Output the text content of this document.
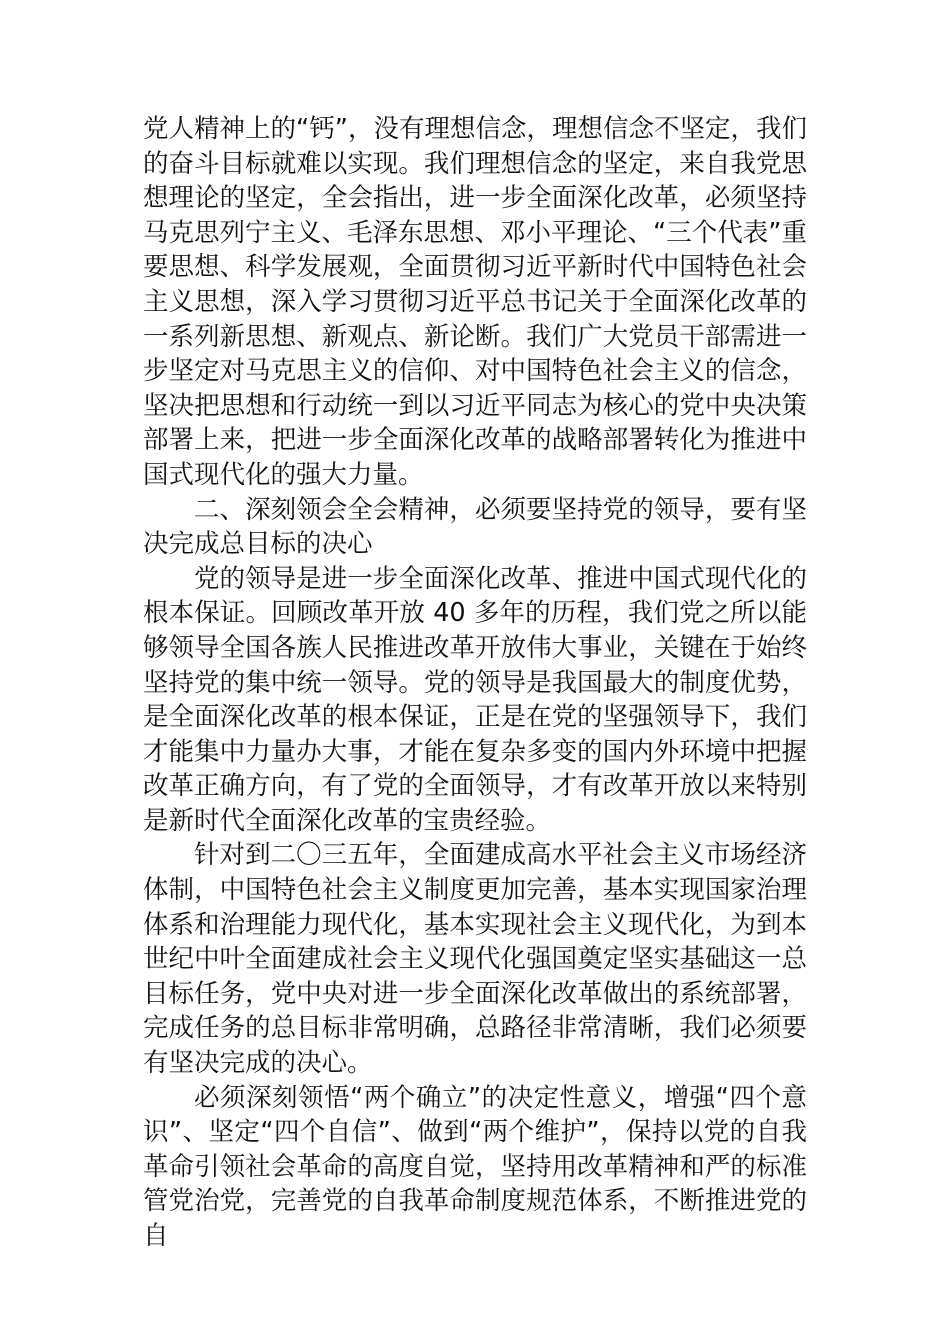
党人精神上的“钙”，没有理想信念，理想信念不坚定，我们的奋斗目标就难以实现。我们理想信念的坚定，来自我党思想理论的坚定，全会指出，进一步全面深化改革，必须坚持马克思列宁主义、毛泽东思想、邓小平理论、“三个代表”重要思想、科学发展观，全面贯彻习近平新时代中国特色社会主义思想，深入学习贯彻习近平总书记关于全面深化改革的一系列新思想、新观点、新论断。我们广大党员干部需进一步坚定对马克思主义的信仰、对中国特色社会主义的信念，坚决把思想和行动统一到以习近平同志为核心的党中央决策部署上来，把进一步全面深化改革的战略部署转化为推进中国式现代化的强大力量。

二、深刻领会全会精神，必须要坚持党的领导，要有坚决完成总目标的决心

党的领导是进一步全面深化改革、推进中国式现代化的根本保证。回顾改革开放 40 多年的历程，我们党之所以能够领导全国各族人民推进改革开放伟大事业，关键在于始终坚持党的集中统一领导。党的领导是我国最大的制度优势，是全面深化改革的根本保证，正是在党的坚强领导下，我们才能集中力量办大事，才能在复杂多变的国内外环境中把握改革正确方向，有了党的全面领导，才有改革开放以来特别是新时代全面深化改革的宝贵经验。

针对到二〇三五年，全面建成高水平社会主义市场经济体制，中国特色社会主义制度更加完善，基本实现国家治理体系和治理能力现代化，基本实现社会主义现代化，为到本世纪中叶全面建成社会主义现代化强国奠定坚实基础这一总目标任务，党中央对进一步全面深化改革做出的系统部署，完成任务的总目标非常明确，总路径非常清晰，我们必须要有坚决完成的决心。

必须深刻领悟“两个确立”的决定性意义，增强“四个意识”、坚定“四个自信”、做到“两个维护”，保持以党的自我革命引领社会革命的高度自觉，坚持用改革精神和严的标准管党治党，完善党的自我革命制度规范体系，不断推进党的自
